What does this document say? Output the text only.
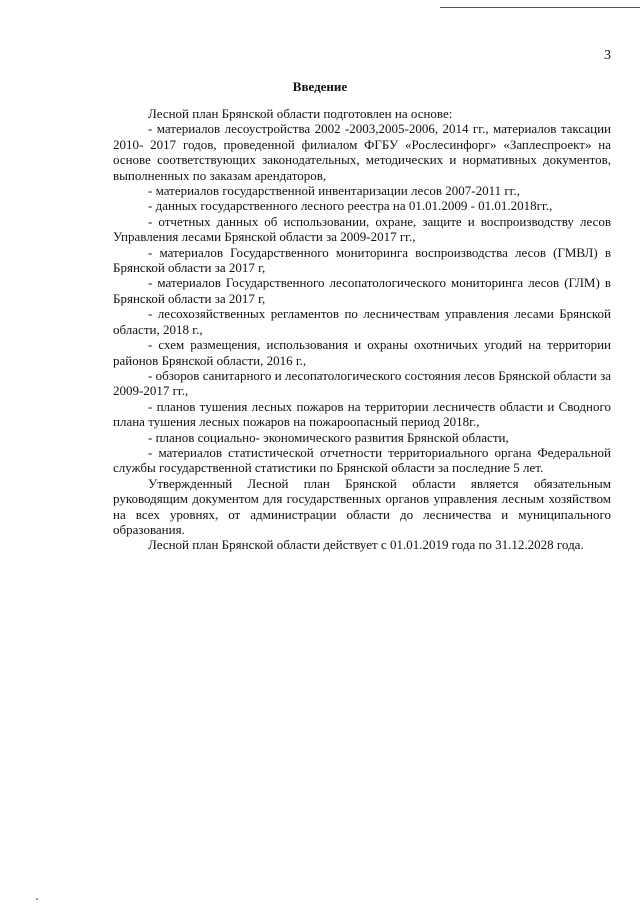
3
Введение

Лесной план Брянской области подготовлен на основе:

- материалов лесоустройства 2002 -2003,2005-2006, 2014 гг., материалов таксации 2010- 2017 годов, проведенной филиалом ФГБУ «Рослесинфорг» «Заплеспроект» на основе соответствующих законодательных, методических и нормативных документов, выполненных по заказам арендаторов,

- материалов государственной инвентаризации лесов 2007-2011 гг.,

- данных государственного лесного реестра на 01.01.2009 - 01.01.2018гг.,

- отчетных данных об использовании, охране, защите и воспроизводству лесов Управления лесами Брянской области за 2009-2017 гг.,

- материалов Государственного мониторинга воспроизводства лесов (ГМВЛ) в Брянской области за 2017 г,

- материалов Государственного лесопатологического мониторинга лесов (ГЛМ) в Брянской области за 2017 г,

- лесохозяйственных регламентов по лесничествам управления лесами Брянской области, 2018 г.,

- схем размещения, использования и охраны охотничьих угодий на территории районов Брянской области, 2016 г.,

- обзоров санитарного и лесопатологического состояния лесов Брянской области за 2009-2017 гг.,

- планов тушения лесных пожаров на территории лесничеств области и Сводного плана тушения лесных пожаров на пожароопасный период 2018г.,

- планов социально- экономического развития Брянской области,

- материалов статистической отчетности территориального органа Федеральной службы государственной статистики по Брянской области за последние 5 лет.

Утвержденный Лесной план Брянской области является обязательным руководящим документом для государственных органов управления лесным хозяйством на всех уровнях, от администрации области до лесничества и муниципального образования.

Лесной план Брянской области действует с 01.01.2019 года по 31.12.2028 года.
